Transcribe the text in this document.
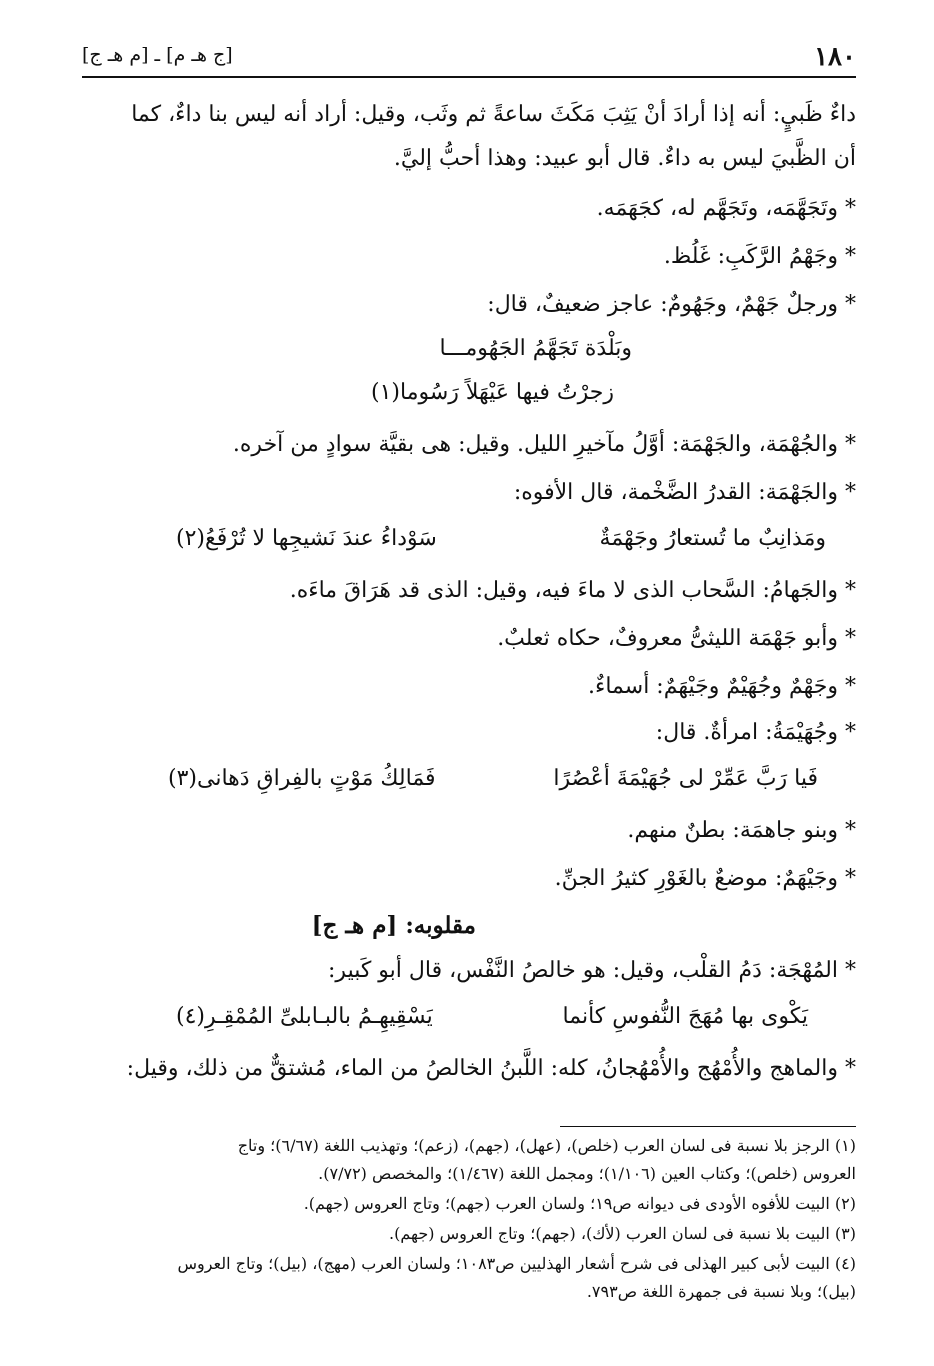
١٨٠
[ج هـ م] ـ [م هـ ج]
داءٌ ظَبيٍ: أنه إذا أرادَ أنْ يَثِبَ مَكَثَ ساعةً ثم وثَب، وقيل: أراد أنه ليس بنا داءٌ، كما
أن الظَّبيَ ليس به داءٌ. قال أبو عبيد: وهذا أحبُّ إليَّ.
* وتَجَهَّمَه، وتَجَهَّم له، كجَهَمَه.
* وجَهْمُ الرَّكَبِ: غَلُظ.
* ورجلٌ جَهْمٌ، وجَهُومٌ: عاجز ضعيفٌ، قال:
وبَلْدَة تَجَهَّمُ الجَهُومـــا
زجرْتُ فيها عَيْهَلاً رَسُوما(١)
* والجُهْمَة، والجَهْمَة: أوَّلُ مآخيرِ الليل. وقيل: هى بقيَّة سوادٍ من آخره.
* والجَهْمَة: القدرُ الضَّخْمة، قال الأفوه:
ومَذانِبٌ ما تُستعارُ وجَهْمَةٌ
سَوْداءُ عندَ نَشيجِها لا تُرْفَعُ(٢)
* والجَهامُ: السَّحاب الذى لا ماءَ فيه، وقيل: الذى قد هَرَاقَ ماءَه.
* وأبو جَهْمَة الليثىُّ معروفٌ، حكاه ثعلبٌ.
* وجَهْمٌ وجُهَيْمٌ وجَيْهَمٌ: أسماءٌ.
* وجُهَيْمَةُ: امرأةٌ. قال:
فَيا رَبَّ عَمِّرْ لى جُهَيْمَةَ أعْصُرًا
فَمَالِكُ مَوْتٍ بالفِراقِ دَهانى(٣)
* وبنو جاهمَة: بطنٌ منهم.
* وجَيْهَمٌ: موضعٌ بالغَوْرِ كثيرُ الجنِّ.
مقلوبه: [م هـ ج]
* المُهْجَة: دَمُ القلْب، وقيل: هو خالصُ النَّفْس، قال أبو كَبير:
يَكْوى بها مُهَجَ النُّفوسِ كأنما
يَسْقِيهِـمُ بالبـابلىِّ المُمْقِـرِ(٤)
* والماهج والأُمْهُج والأُمْهُجانُ، كله: اللَّبنُ الخالصُ من الماء، مُشتقٌّ من ذلك، وقيل:
(١) الرجز بلا نسبة فى لسان العرب (خلص)، (عهل)، (جهم)، (زعم)؛ وتهذيب اللغة (٦/٦٧)؛ وتاج
العروس (خلص)؛ وكتاب العين (١/١٠٦)؛ ومجمل اللغة (١/٤٦٧)؛ والمخصص (٧/٧٢).
(٢) البيت للأفوه الأودى فى ديوانه ص١٩؛ ولسان العرب (جهم)؛ وتاج العروس (جهم).
(٣) البيت بلا نسبة فى لسان العرب (لأك)، (جهم)؛ وتاج العروس (جهم).
(٤) البيت لأبى كبير الهذلى فى شرح أشعار الهذليين ص١٠٨٣؛ ولسان العرب (مهج)، (بيل)؛ وتاج العروس
(بيل)؛ وبلا نسبة فى جمهرة اللغة ص٧٩٣.
